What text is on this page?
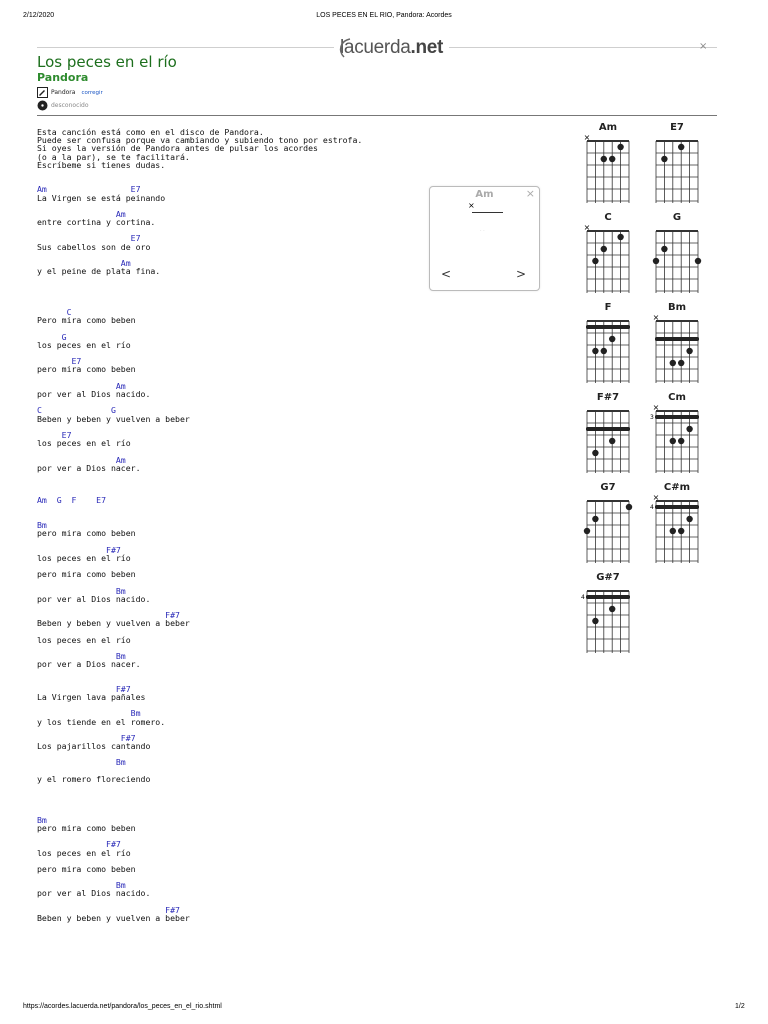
2/12/2020	LOS PECES EN EL RIO, Pandora: Acordes
lacuerda.net	×
Los peces en el río
Pandora
Pandora corregir
desconocido
Esta canción está como en el disco de Pandora.
Puede ser confusa porque va cambiando y subiendo tono por estrofa.
Si oyes la versión de Pandora antes de pulsar los acordes
(o a la par), se te facilitará.
Escríbeme si tienes dudas.
Am                 E7
La Virgen se está peinando
Am
entre cortina y cortina.
E7
Sus cabellos son de oro
Am
y el peine de plata fina.
C
Pero mira como beben
G
los peces en el río
E7
pero mira como beben
Am
por ver al Dios nacido.
C              G
Beben y beben y vuelven a beber
E7
los peces en el río
Am
por ver a Dios nacer.
Am  G  F    E7
Bm
pero mira como beben
F#7
los peces en el río
pero mira como beben
Bm
por ver al Dios nacido.
F#7
Beben y beben y vuelven a beber
los peces en el río
Bm
por ver a Dios nacer.
F#7
La Virgen lava pañales
Bm
y los tiende en el romero.
F#7
Los pajarillos cantando
Bm
y el romero floreciendo
Bm
pero mira como beben
F#7
los peces en el río
pero mira como beben
Bm
por ver al Dios nacido.
F#7
Beben y beben y vuelven a beber
Am	×
×
. .
<	>
Am
×
E7
C
×
G
F	Bm
×
F#7	Cm
×
3
G7	C#m
×
4
G#7
4
https://acordes.lacuerda.net/pandora/los_peces_en_el_rio.shtml	1/2
